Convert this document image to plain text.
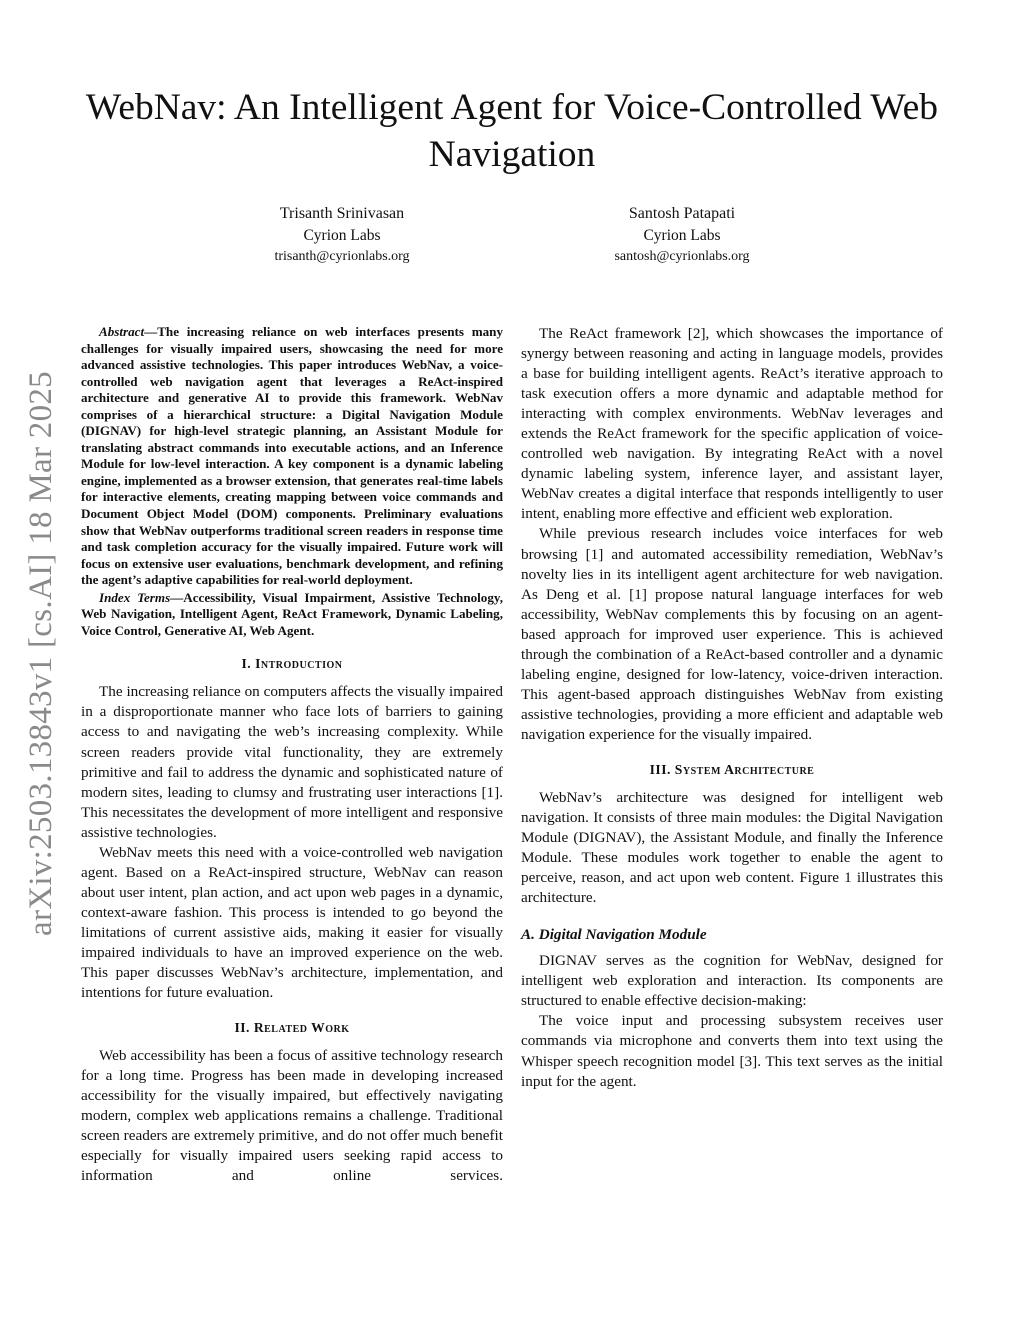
arXiv:2503.13843v1 [cs.AI] 18 Mar 2025
WebNav: An Intelligent Agent for Voice-Controlled Web Navigation
Trisanth Srinivasan
Cyrion Labs
trisanth@cyrionlabs.org
Santosh Patapati
Cyrion Labs
santosh@cyrionlabs.org

Abstract—The increasing reliance on web interfaces presents many challenges for visually impaired users, showcasing the need for more advanced assistive technologies. This paper introduces WebNav, a voice-controlled web navigation agent that leverages a ReAct-inspired architecture and generative AI to provide this framework. WebNav comprises of a hierarchical structure: a Digital Navigation Module (DIGNAV) for high-level strategic planning, an Assistant Module for translating abstract commands into executable actions, and an Inference Module for low-level interaction. A key component is a dynamic labeling engine, implemented as a browser extension, that generates real-time labels for interactive elements, creating mapping between voice commands and Document Object Model (DOM) components. Preliminary evaluations show that WebNav outperforms traditional screen readers in response time and task completion accuracy for the visually impaired. Future work will focus on extensive user evaluations, benchmark development, and refining the agent’s adaptive capabilities for real-world deployment.

Index Terms—Accessibility, Visual Impairment, Assistive Technology, Web Navigation, Intelligent Agent, ReAct Framework, Dynamic Labeling, Voice Control, Generative AI, Web Agent.

I. Introduction

The increasing reliance on computers affects the visually impaired in a disproportionate manner who face lots of barriers to gaining access to and navigating the web’s increasing complexity. While screen readers provide vital functionality, they are extremely primitive and fail to address the dynamic and sophisticated nature of modern sites, leading to clumsy and frustrating user interactions [1]. This necessitates the development of more intelligent and responsive assistive technologies.

WebNav meets this need with a voice-controlled web navigation agent. Based on a ReAct-inspired structure, WebNav can reason about user intent, plan action, and act upon web pages in a dynamic, context-aware fashion. This process is intended to go beyond the limitations of current assistive aids, making it easier for visually impaired individuals to have an improved experience on the web. This paper discusses WebNav’s architecture, implementation, and intentions for future evaluation.

II. Related Work

Web accessibility has been a focus of assitive technology research for a long time. Progress has been made in developing increased accessibility for the visually impaired, but effectively navigating modern, complex web applications remains a challenge. Traditional screen readers are extremely primitive, and do not offer much benefit especially for visually impaired users seeking rapid access to information and online services.

The ReAct framework [2], which showcases the importance of synergy between reasoning and acting in language models, provides a base for building intelligent agents. ReAct’s iterative approach to task execution offers a more dynamic and adaptable method for interacting with complex environments. WebNav leverages and extends the ReAct framework for the specific application of voice-controlled web navigation. By integrating ReAct with a novel dynamic labeling system, inference layer, and assistant layer, WebNav creates a digital interface that responds intelligently to user intent, enabling more effective and efficient web exploration.

While previous research includes voice interfaces for web browsing [1] and automated accessibility remediation, WebNav’s novelty lies in its intelligent agent architecture for web navigation. As Deng et al. [1] propose natural language interfaces for web accessibility, WebNav complements this by focusing on an agent-based approach for improved user experience. This is achieved through the combination of a ReAct-based controller and a dynamic labeling engine, designed for low-latency, voice-driven interaction. This agent-based approach distinguishes WebNav from existing assistive technologies, providing a more efficient and adaptable web navigation experience for the visually impaired.

III. System Architecture

WebNav’s architecture was designed for intelligent web navigation. It consists of three main modules: the Digital Navigation Module (DIGNAV), the Assistant Module, and finally the Inference Module. These modules work together to enable the agent to perceive, reason, and act upon web content. Figure 1 illustrates this architecture.

A. Digital Navigation Module

DIGNAV serves as the cognition for WebNav, designed for intelligent web exploration and interaction. Its components are structured to enable effective decision-making:

The voice input and processing subsystem receives user commands via microphone and converts them into text using the Whisper speech recognition model [3]. This text serves as the initial input for the agent.
